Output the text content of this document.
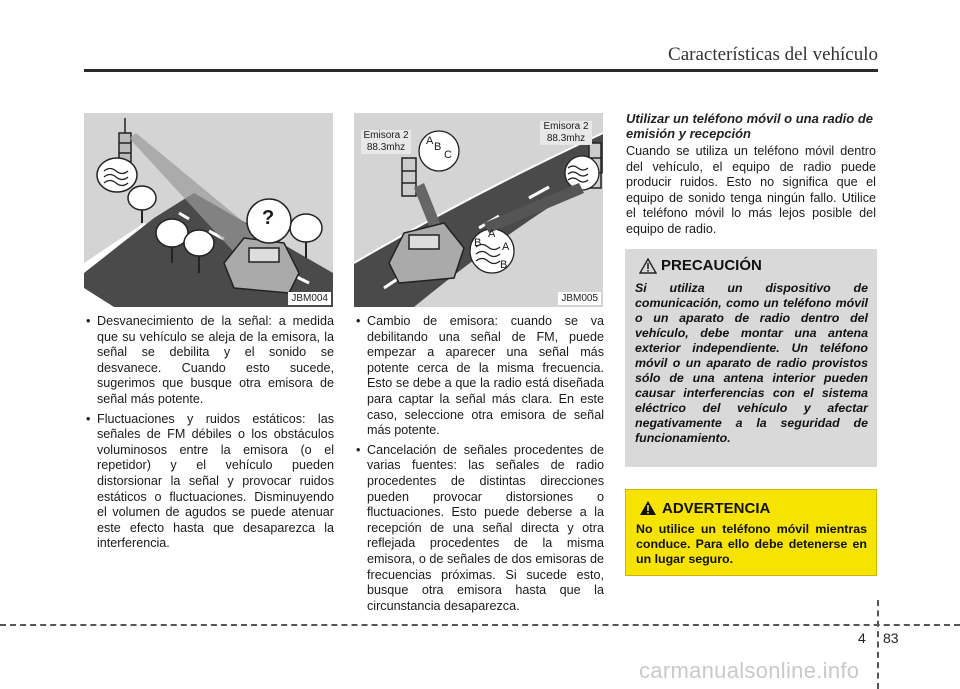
Características del vehículo
?
JBM004
Emisora 2
88.3mhz
Emisora 2
88.3mhz
A B
C
A
B A
B
JBM005
• Desvanecimiento de la señal: a medida que su vehículo se aleja de la emisora, la señal se debilita y el sonido se desvanece. Cuando esto sucede, sugerimos que busque otra emisora de señal más potente.
• Fluctuaciones y ruidos estáticos: las señales de FM débiles o los obstáculos voluminosos entre la emisora (o el repetidor) y el vehículo pueden distorsionar la señal y provocar ruidos estáticos o fluctuaciones. Disminuyendo el volumen de agudos se puede atenuar este efecto hasta que desaparezca la interferencia.
• Cambio de emisora: cuando se va debilitando una señal de FM, puede empezar a aparecer una señal más potente cerca de la misma frecuencia. Esto se debe a que la radio está diseñada para captar la señal más clara. En este caso, seleccione otra emisora de señal más potente.
• Cancelación de señales procedentes de varias fuentes: las señales de radio procedentes de distintas direcciones pueden provocar distorsiones o fluctuaciones. Esto puede deberse a la recepción de una señal directa y otra reflejada procedentes de la misma emisora, o de señales de dos emisoras de frecuencias próximas. Si sucede esto, busque otra emisora hasta que la circunstancia desaparezca.
Utilizar un teléfono móvil o una radio de emisión y recepción
Cuando se utiliza un teléfono móvil dentro del vehículo, el equipo de radio puede producir ruidos. Esto no significa que el equipo de sonido tenga ningún fallo. Utilice el teléfono móvil lo más lejos posible del equipo de radio.
PRECAUCIÓN
Si utiliza un dispositivo de comunicación, como un teléfono móvil o un aparato de radio dentro del vehículo, debe montar una antena exterior independiente. Un teléfono móvil o un aparato de radio provistos sólo de una antena interior pueden causar interferencias con el sistema eléctrico del vehículo y afectar negativamente a la seguridad de funcionamiento.
ADVERTENCIA
No utilice un teléfono móvil mientras conduce. Para ello debe detenerse en un lugar seguro.
4 83
carmanualsonline.info
